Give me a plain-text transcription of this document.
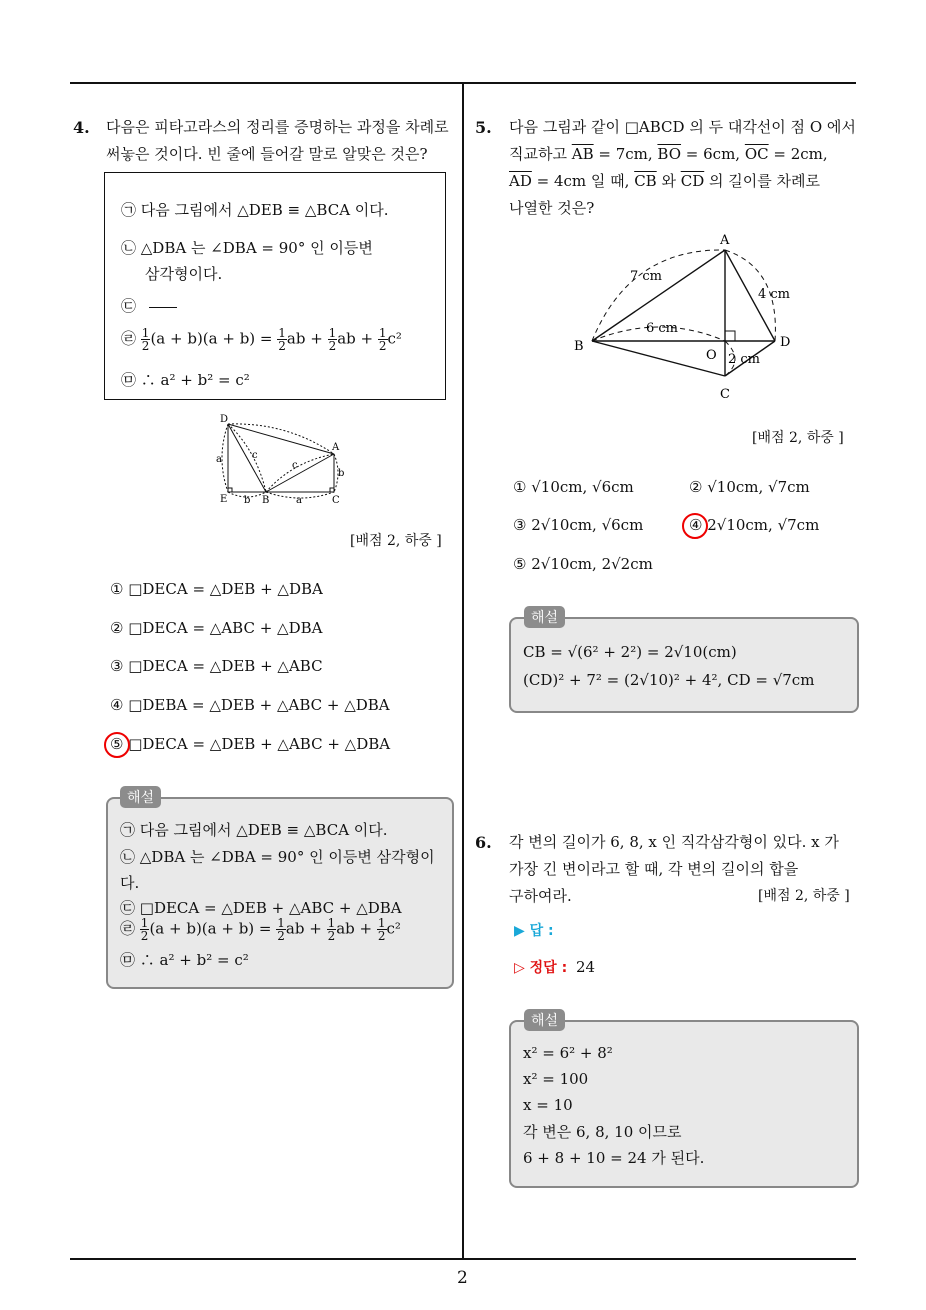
4. 다음은 피타고라스의 정리를 증명하는 과정을 차례로
써놓은 것이다. 빈 줄에 들어갈 말로 알맞은 것은?
㉠ 다음 그림에서 △DEB ≡ △BCA 이다.
㉡ △DBA 는 ∠DBA = 90° 인 이등변
삼각형이다.
㉢
㉣ $\frac{1}{2} (a + b)(a + b) = \frac{1}{2}$ ab + $\frac{1}{2}$ ab + $\frac{1}{2} c^2$
㉤ ∴ a² + b² = c²
D
A
E	B	C
a
a
b
b
c
c
[배점 2, 하중 ]
① □DECA = △DEB + △DBA
② □DECA = △ABC + △DBA
③ □DECA = △DEB + △ABC
④ □DEBA = △DEB + △ABC + △DBA
⑤ □DECA = △DEB + △ABC + △DBA
㉠ 다음 그림에서 △DEB ≡ △BCA 이다.
㉡ △DBA 는 ∠DBA = 90° 인 이등변 삼각형이
다.
㉢ □DECA = △DEB + △ABC + △DBA
㉣ $\frac{1}{2} (a + b)(a + b) = \frac{1}{2}$ ab + $\frac{1}{2}$ ab + $\frac{1}{2} c^2$
㉤ ∴ a² + b² = c²
해설
5. 다음 그림과 같이 □ABCD 의 두 대각선이 점 O 에서
직교하고 $\overline{AB} = 7cm$, $\overline{BO} = 6cm$, $\overline{OC} = 2cm$,
$\overline{AD} = 4cm$ 일 때, $\overline{CB}$ 와 $\overline{CD}$ 의 길이를 차례로
나열한 것은?
A
B
C
D
O
7 cm
4 cm
6 cm
2 cm
[배점 2, 하중 ]
① √10cm, √6cm	② √10cm, √7cm
③ 2√10cm, √6cm	④ 2√10cm, √7cm
⑤ 2√10cm, 2√2cm
CB = √(6² + 2²) = 2√10(cm)
(CD)² + 7² = (2√10)² + 4², CD = √7cm
해설
6. 각 변의 길이가 6, 8, x 인 직각삼각형이 있다. x 가
가장 긴 변이라고 할 때, 각 변의 길이의 합을
구하여라.	[배점 2, 하중 ]
▶ 답 :
▷ 정답 : 24
x² = 6² + 8²
x² = 100
x = 10
각 변은 6, 8, 10 이므로
6 + 8 + 10 = 24 가 된다.
해설
2
